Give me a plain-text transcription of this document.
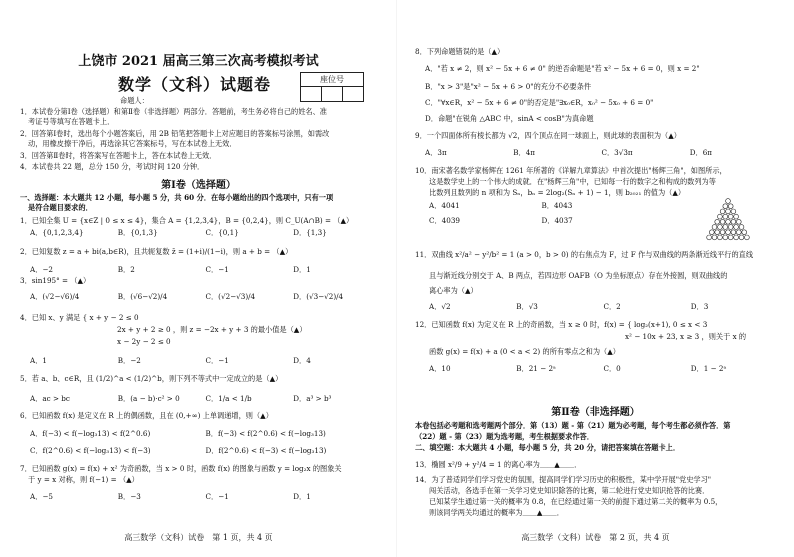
上饶市 2021 届高三第三次高考模拟考试
数学（文科）试题卷	座位号
命题人：
1．本试卷分第Ⅰ卷（选择题）和第Ⅱ卷（非选择题）两部分．答题前，考生务必将自己的姓名、准
考证号等填写在答题卡上．
2．回答第Ⅰ卷时，选出每个小题答案后，用 2B 铅笔把答题卡上对应题目的答案标号涂黑，如需改
动，用橡皮擦干净后，再选涂其它答案标号，写在本试卷上无效．
3．回答第Ⅱ卷时，将答案写在答题卡上，答在本试卷上无效．
4．本试卷共 22 题，总分 150 分，考试时间 120 分钟．
第Ⅰ卷（选择题）
一、选择题：本大题共 12 小题，每小题 5 分，共 60 分．在每小题给出的四个选项中，只有一项
是符合题目要求的．
1．已知全集 U = {x∈Z | 0 ≤ x ≤ 4}，集合 A = {1,2,3,4}，B = {0,2,4}，则 C_U(A∩B) = （▲）
A．{0,1,2,3,4}	B．{0,1,3}	C．{0,1}	D．{1,3}
2．已知复数 z = a + bi(a,b∈R)，且共轭复数 z̄ = (1+i)/(1−i)，则 a + b = （▲）
A．−2	B．2	C．−1	D．1
3．sin195° = （▲）
A．(√2−√6)/4	B．(√6−√2)/4	C．(√2−√3)/4	D．(√3−√2)/4
4．已知 x、y 满足 { x + y − 2 ≤ 0
2x + y + 2 ≥ 0 ，则 z = −2x + y + 3 的最小值是（▲）
x − 2y − 2 ≤ 0
A．1	B．−2	C．−1	D．4
5．若 a、b、c∈R，且 (1/2)^a < (1/2)^b，则下列不等式中一定成立的是（▲）
A．ac > bc	B．(a − b)·c² > 0	C．1/a < 1/b	D．a³ > b³
6．已知函数 f(x) 是定义在 R 上的偶函数，且在 (0,+∞) 上单调递增，则（▲）
A．f(−3) < f(−log₃13) < f(2^0.6)	B．f(−3) < f(2^0.6) < f(−log₃13)
C．f(2^0.6) < f(−log₃13) < f(−3)	D．f(2^0.6) < f(−3) < f(−log₃13)
7．已知函数 g(x) = f(x) + x² 为奇函数，当 x > 0 时，函数 f(x) 的图象与函数 y = log₂x 的图象关
于 y = x 对称，则 f(−1) = （▲）
A．−5	B．−3	C．−1	D．1
高三数学（文科）试卷　第 1 页，共 4 页
8．下列命题错误的是（▲）
A．"若 x ≠ 2，则 x² − 5x + 6 ≠ 0" 的逆否命题是"若 x² − 5x + 6 = 0，则 x = 2"
B．"x > 3"是"x² − 5x + 6 > 0"的充分不必要条件
C．"∀x∈R，x² − 5x + 6 ≠ 0"的否定是"∃x₀∈R，x₀² − 5x₀ + 6 = 0"
D．命题"在锐角 △ABC 中，sinA < cosB"为真命题
9．一个四面体所有棱长都为 √2，四个顶点在同一球面上，则此球的表面积为（▲）
A．3π	B．4π	C．3√3π	D．6π
10．南宋著名数学家杨辉在 1261 年所著的《详解九章算法》中首次提出"杨辉三角"，如图所示，
这是数学史上的一个伟大的成就．在"杨辉三角"中，已知每一行的数字之和构成的数列为等
比数列且数列的 n 项和为 Sₙ，bₙ = 2log₂(Sₙ + 1) − 1，则 b₂₀₂₁ 的值为（▲）
A．4041	B．4043
C．4039	D．4037
11．双曲线 x²/a² − y²/b² = 1 (a > 0，b > 0) 的右焦点为 F，过 F 作与双曲线的两条渐近线平行的直线
且与渐近线分别交于 A、B 两点，若四边形 OAFB（O 为坐标原点）存在外接圆，则双曲线的
离心率为（▲）
A．√2	B．√3	C．2	D．3
12．已知函数 f(x) 为定义在 R 上的奇函数，当 x ≥ 0 时，f(x) = { log₂(x+1), 0 ≤ x < 3
x² − 10x + 23, x ≥ 3 ，则关于 x 的
函数 g(x) = f(x) + a (0 < a < 2) 的所有零点之和为（▲）
A．10	B．21 − 2ᵃ	C．0	D．1 − 2ᵃ
第Ⅱ卷（非选择题）
本卷包括必考题和选考题两个部分．第（13）题 - 第（21）题为必考题，每个考生都必须作答．第
（22）题 - 第（23）题为选考题，考生根据要求作答．
二、填空题：本大题共 4 小题，每小题 5 分，共 20 分，请把答案填在答题卡上．
13．椭圆 x²/9 + y²/4 = 1 的离心率为＿＿▲＿＿．
14．为了普适同学们学习党史的氛围，提高同学们学习历史的积极性，某中学开展"党史学习"
闯关活动，各选手在第一关学习党史知识除答的比赛，第二轮进行党史知识抢答的比赛．
已知某学生通过第一关的概率为 0.8，在已经通过第一关的前提下通过第二关的概率为 0.5，
则该同学两关均通过的概率为＿＿▲＿＿．
高三数学（文科）试卷　第 2 页，共 4 页
